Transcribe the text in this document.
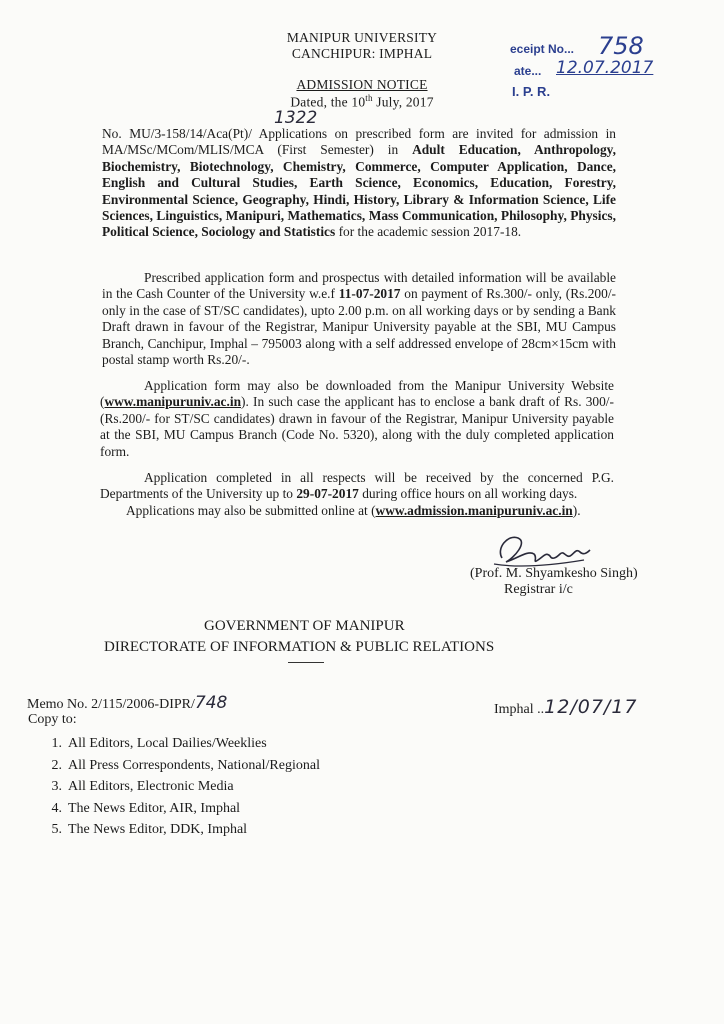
MANIPUR UNIVERSITY
CANCHIPUR: IMPHAL
ADMISSION NOTICE
Dated, the 10th July, 2017
eceipt No... 758
ate... 12.07.2017
I. P. R.
1322
No. MU/3-158/14/Aca(Pt)/ Applications on prescribed form are invited for admission in MA/MSc/MCom/MLIS/MCA (First Semester) in Adult Education, Anthropology, Biochemistry, Biotechnology, Chemistry, Commerce, Computer Application, Dance, English and Cultural Studies, Earth Science, Economics, Education, Forestry, Environmental Science, Geography, Hindi, History, Library & Information Science, Life Sciences, Linguistics, Manipuri, Mathematics, Mass Communication, Philosophy, Physics, Political Science, Sociology and Statistics for the academic session 2017-18.
Prescribed application form and prospectus with detailed information will be available in the Cash Counter of the University w.e.f 11-07-2017 on payment of Rs.300/- only, (Rs.200/- only in the case of ST/SC candidates), upto 2.00 p.m. on all working days or by sending a Bank Draft drawn in favour of the Registrar, Manipur University payable at the SBI, MU Campus Branch, Canchipur, Imphal – 795003 along with a self addressed envelope of 28cm×15cm with postal stamp worth Rs.20/-.
Application form may also be downloaded from the Manipur University Website (www.manipuruniv.ac.in). In such case the applicant has to enclose a bank draft of Rs. 300/- (Rs.200/- for ST/SC candidates) drawn in favour of the Registrar, Manipur University payable at the SBI, MU Campus Branch (Code No. 5320), along with the duly completed application form.
Application completed in all respects will be received by the concerned P.G. Departments of the University up to 29-07-2017 during office hours on all working days.
Applications may also be submitted online at (www.admission.manipuruniv.ac.in).
(Prof. M. Shyamkesho Singh)
Registrar i/c
GOVERNMENT OF MANIPUR
DIRECTORATE OF INFORMATION & PUBLIC RELATIONS
Memo No. 2/115/2006-DIPR/748
Copy to:
Imphal ..12/07/17
1. All Editors, Local Dailies/Weeklies
2. All Press Correspondents, National/Regional
3. All Editors, Electronic Media
4. The News Editor, AIR, Imphal
5. The News Editor, DDK, Imphal
